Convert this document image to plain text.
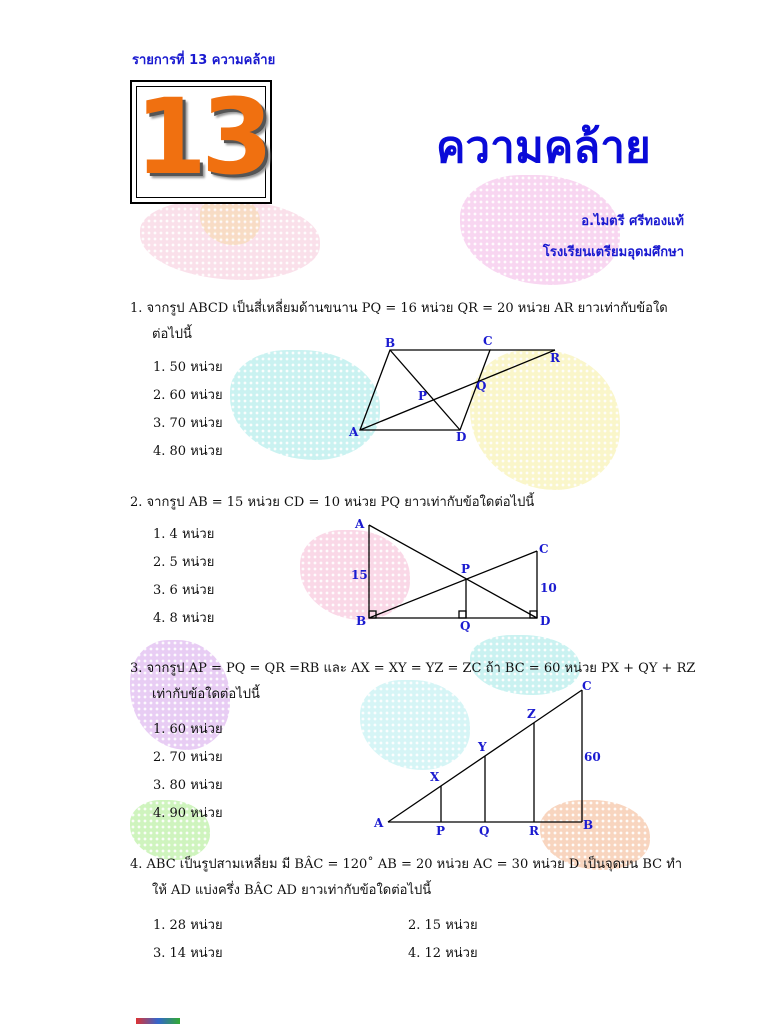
รายการที่ 13 ความคล้าย
13	ความคล้าย
อ.ไมตรี ศรีทองแท้
โรงเรียนเตรียมอุดมศึกษา
1. จากรูป ABCD เป็นสี่เหลี่ยมด้านขนาน PQ = 16 หน่วย QR = 20 หน่วย AR ยาวเท่ากับข้อใด
ต่อไปนี้
1. 50 หน่วย
2. 60 หน่วย
3. 70 หน่วย
4. 80 หน่วย
B	C
R
Q
P
A	D
2. จากรูป AB = 15 หน่วย CD = 10 หน่วย PQ ยาวเท่ากับข้อใดต่อไปนี้
1. 4 หน่วย
2. 5 หน่วย
3. 6 หน่วย
4. 8 หน่วย
A
C
P
15
10
B	Q	D
3. จากรูป AP = PQ = QR =RB และ AX = XY = YZ = ZC ถ้า BC = 60 หน่วย PX + QY + RZ
เท่ากับข้อใดต่อไปนี้
1. 60 หน่วย
2. 70 หน่วย
3. 80 หน่วย
4. 90 หน่วย
C
Z
Y
X
60
A
P	Q	R	B
4. ABC เป็นรูปสามเหลี่ยม มี BÂC = 120˚ AB = 20 หน่วย AC = 30 หน่วย D เป็นจุดบน BC ทำ
ให้ AD แบ่งครึ่ง BÂC AD ยาวเท่ากับข้อใดต่อไปนี้
1. 28 หน่วย	2. 15 หน่วย
3. 14 หน่วย	4. 12 หน่วย
